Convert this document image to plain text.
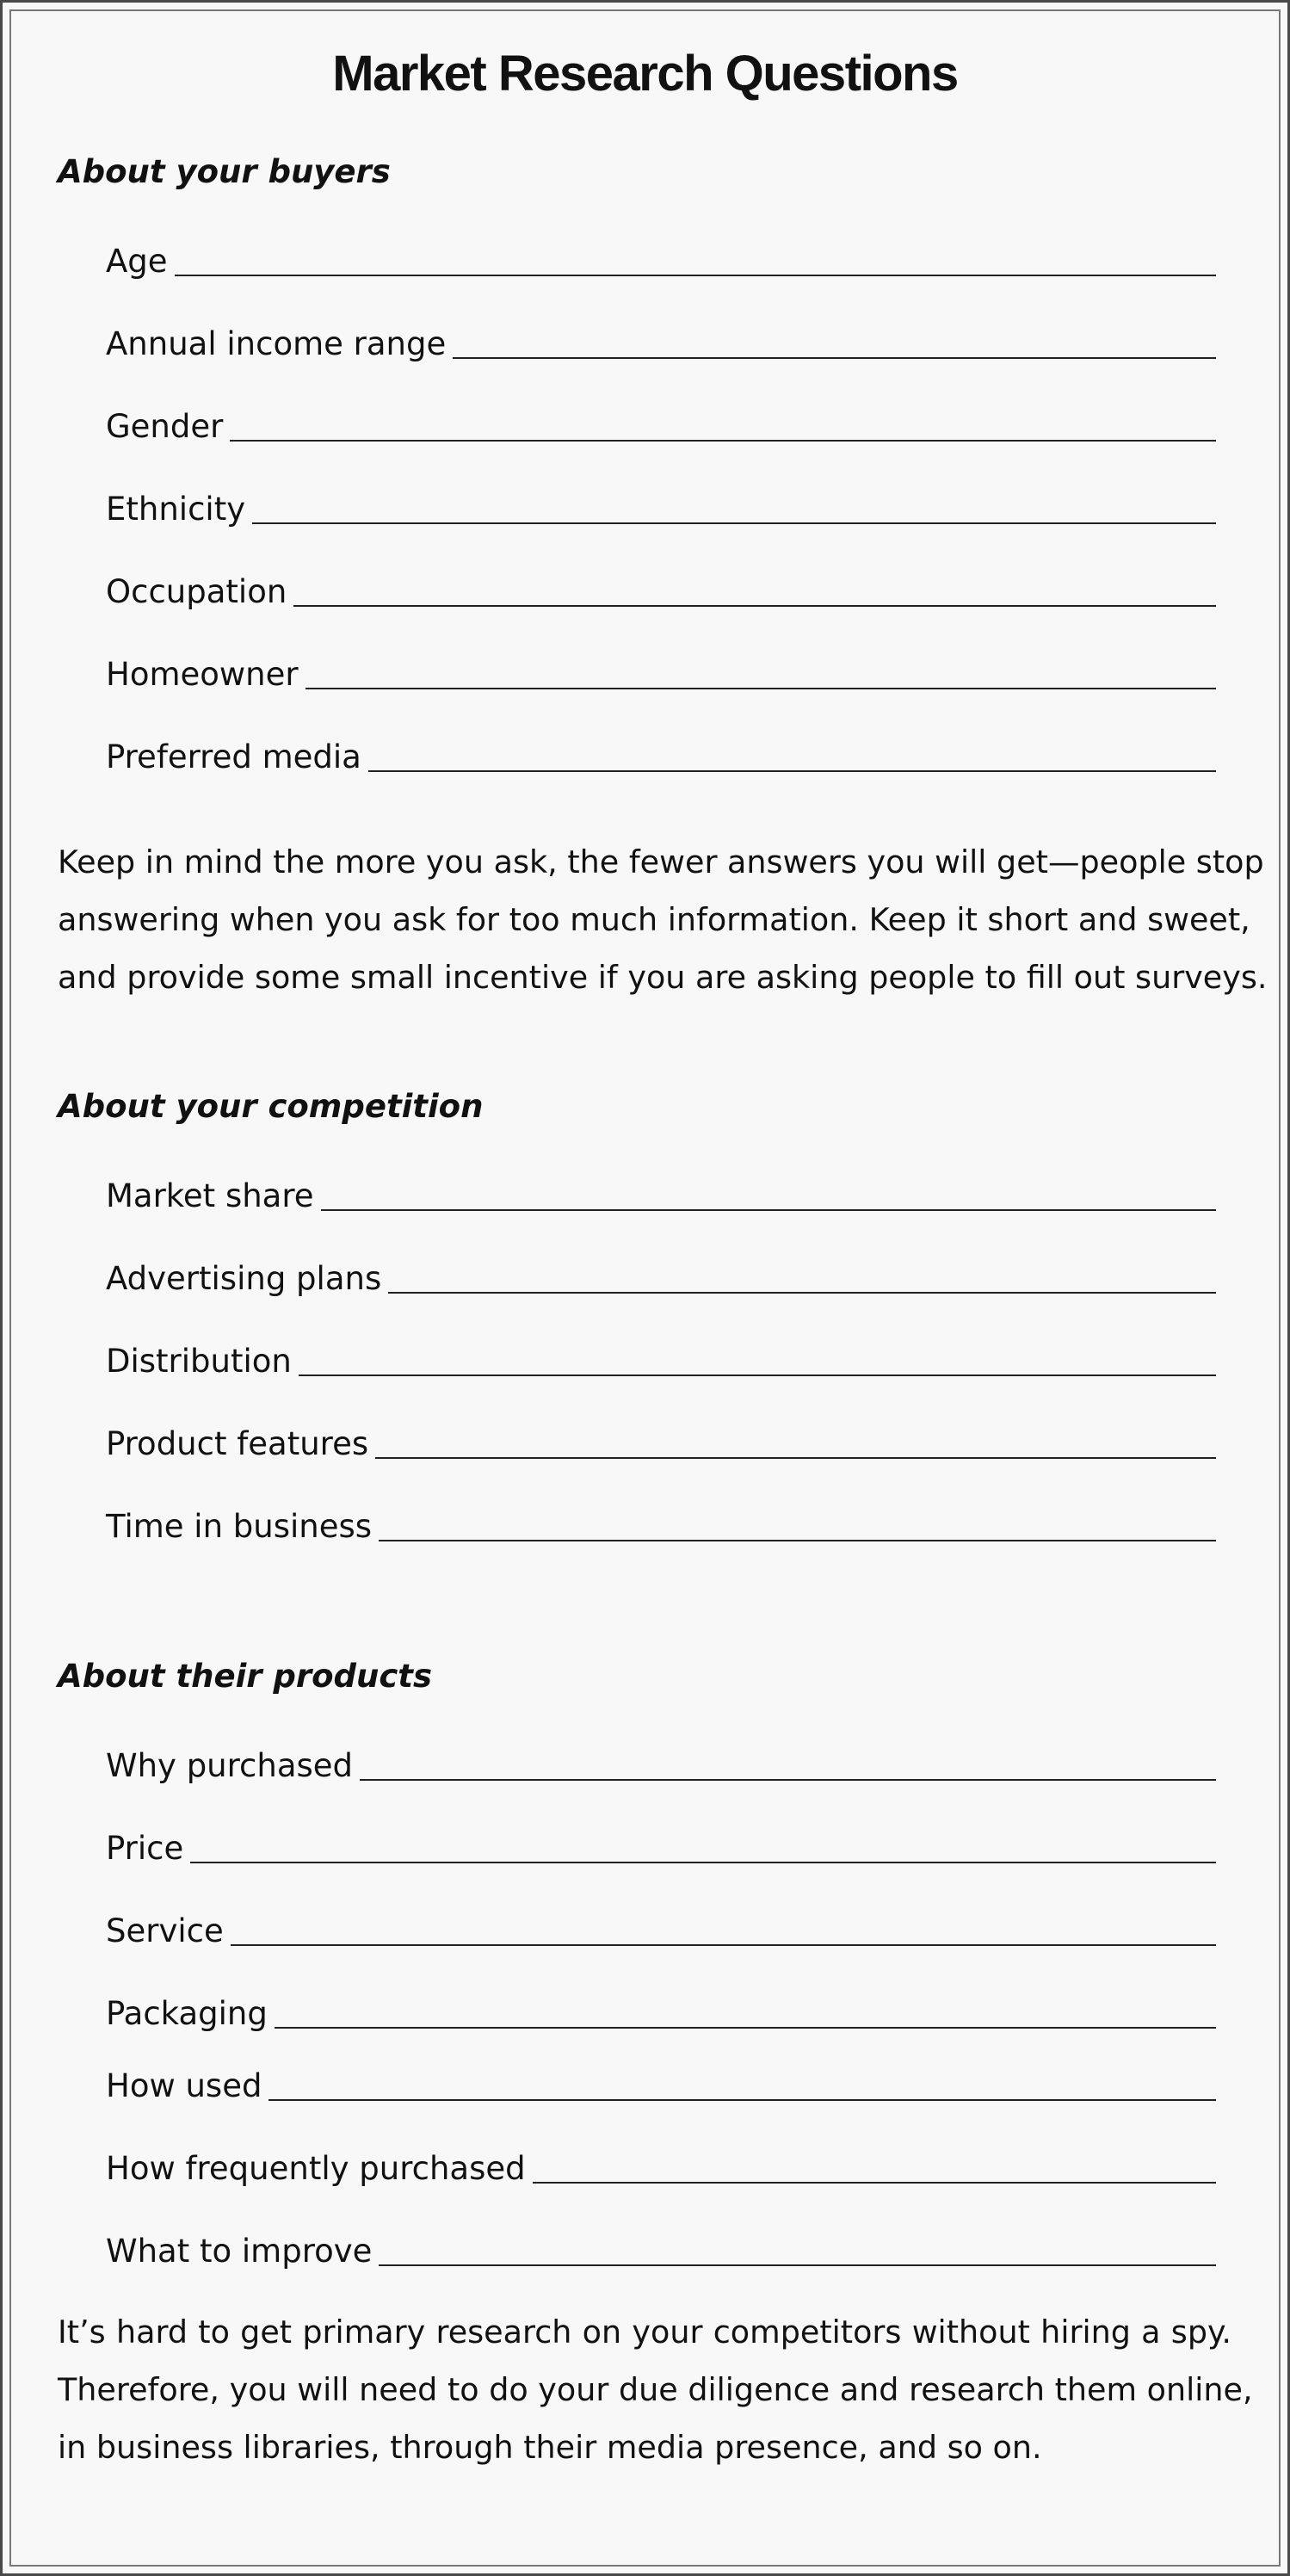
Market Research Questions
About your buyers
Age
Annual income range
Gender
Ethnicity
Occupation
Homeowner
Preferred media
Keep in mind the more you ask, the fewer answers you will get—people stop
answering when you ask for too much information. Keep it short and sweet,
and provide some small incentive if you are asking people to fill out surveys.
About your competition
Market share
Advertising plans
Distribution
Product features
Time in business
About their products
Why purchased
Price
Service
Packaging
How used
How frequently purchased
What to improve
It’s hard to get primary research on your competitors without hiring a spy.
Therefore, you will need to do your due diligence and research them online,
in business libraries, through their media presence, and so on.
